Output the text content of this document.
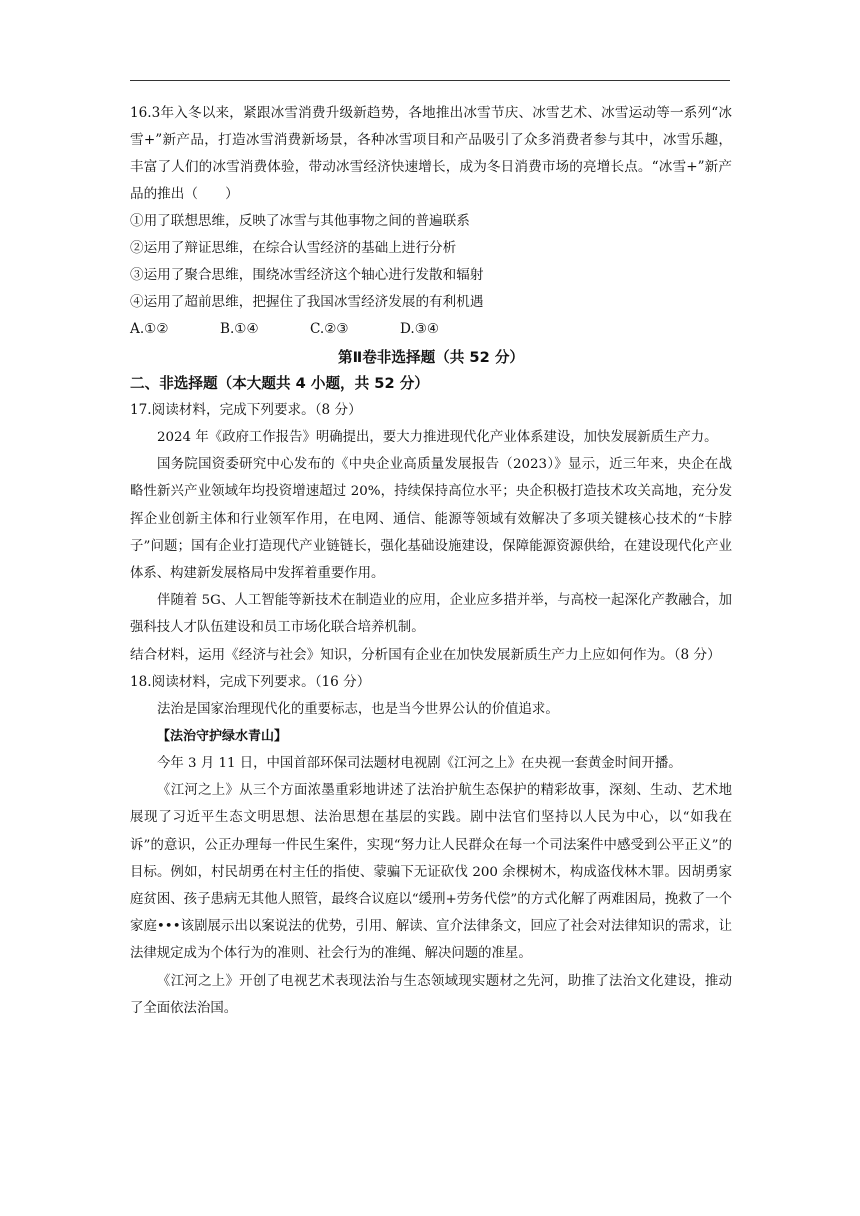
16.3年入冬以来，紧跟冰雪消费升级新趋势，各地推出冰雪节庆、冰雪艺术、冰雪运动等一系列“冰雪+”新产品，打造冰雪消费新场景，各种冰雪项目和产品吸引了众多消费者参与其中，冰雪乐趣，丰富了人们的冰雪消费体验，带动冰雪经济快速增长，成为冬日消费市场的亮增长点。“冰雪+”新产品的推出（　　）

①用了联想思维，反映了冰雪与其他事物之间的普遍联系

②运用了辩证思维，在综合认雪经济的基础上进行分析

③运用了聚合思维，围绕冰雪经济这个轴心进行发散和辐射

④运用了超前思维，把握住了我国冰雪经济发展的有利机遇

A.①②	B.①④	C.②③	D.③④
第Ⅱ卷非选择题（共 52 分）
二、非选择题（本大题共 4 小题，共 52 分）

17.阅读材料，完成下列要求。（8 分）

2024 年《政府工作报告》明确提出，要大力推进现代化产业体系建设，加快发展新质生产力。

国务院国资委研究中心发布的《中央企业高质量发展报告（2023）》显示，近三年来，央企在战略性新兴产业领域年均投资增速超过 20%，持续保持高位水平；央企积极打造技术攻关高地，充分发挥企业创新主体和行业领军作用，在电网、通信、能源等领域有效解决了多项关键核心技术的“卡脖子”问题；国有企业打造现代产业链链长，强化基础设施建设，保障能源资源供给，在建设现代化产业体系、构建新发展格局中发挥着重要作用。

伴随着 5G、人工智能等新技术在制造业的应用，企业应多措并举，与高校一起深化产教融合，加强科技人才队伍建设和员工市场化联合培养机制。

结合材料，运用《经济与社会》知识，分析国有企业在加快发展新质生产力上应如何作为。（8 分）

18.阅读材料，完成下列要求。（16 分）

法治是国家治理现代化的重要标志，也是当今世界公认的价值追求。

【法治守护绿水青山】

今年 3 月 11 日，中国首部环保司法题材电视剧《江河之上》在央视一套黄金时间开播。

《江河之上》从三个方面浓墨重彩地讲述了法治护航生态保护的精彩故事，深刻、生动、艺术地展现了习近平生态文明思想、法治思想在基层的实践。剧中法官们坚持以人民为中心，以“如我在诉”的意识，公正办理每一件民生案件，实现“努力让人民群众在每一个司法案件中感受到公平正义”的目标。例如，村民胡勇在村主任的指使、蒙骗下无证砍伐 200 余棵树木，构成盗伐林木罪。因胡勇家庭贫困、孩子患病无其他人照管，最终合议庭以“缓刑+劳务代偿”的方式化解了两难困局，挽救了一个家庭•••该剧展示出以案说法的优势，引用、解读、宣介法律条文，回应了社会对法律知识的需求，让法律规定成为个体行为的准则、社会行为的准绳、解决问题的准星。

《江河之上》开创了电视艺术表现法治与生态领域现实题材之先河，助推了法治文化建设，推动了全面依法治国。
